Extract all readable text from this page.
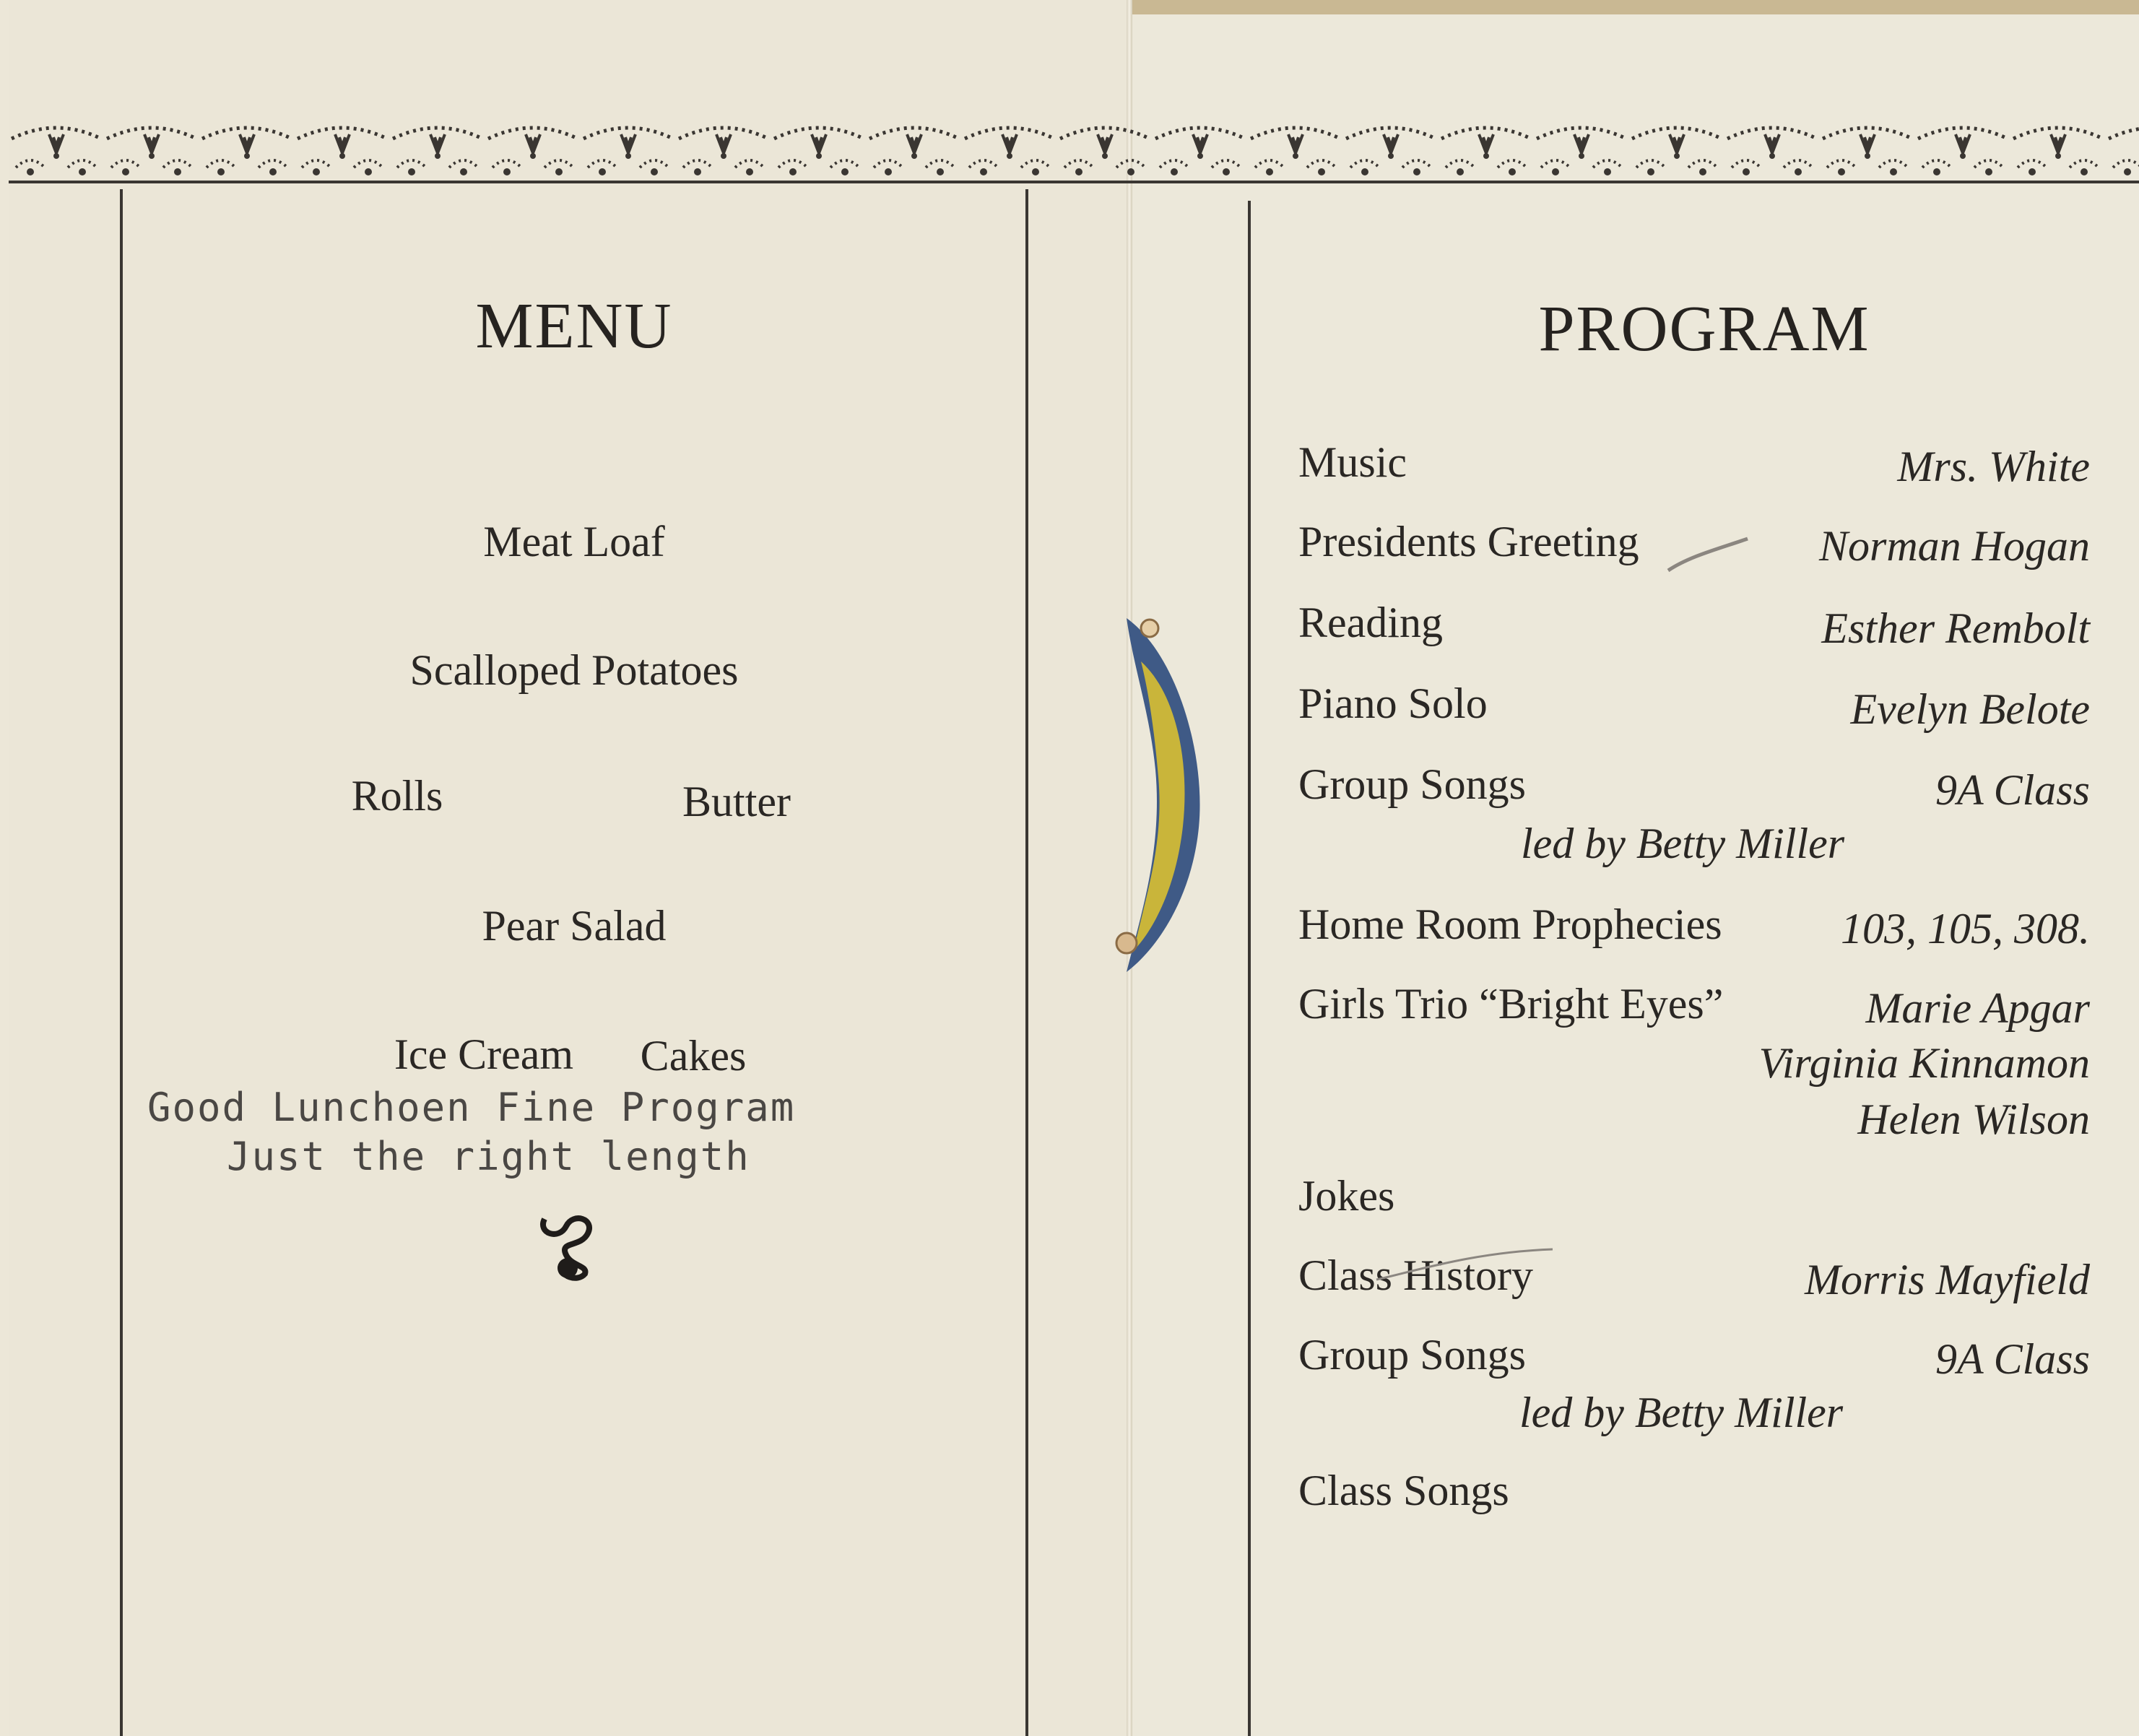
MENU
Meat Loaf
Scalloped Potatoes
Rolls	Butter
Pear Salad
Ice Cream	Cakes
Good Lunchoen Fine Program
Just the right length
PROGRAM
Music	Mrs. White
Presidents Greeting	Norman Hogan
Reading	Esther Rembolt
Piano Solo	Evelyn Belote
Group Songs	9A Class
led by Betty Miller
Home Room Prophecies	103, 105, 308.
Girls Trio “Bright Eyes”	Marie Apgar
Virginia Kinnamon
Helen Wilson
Jokes
Class History	Morris Mayfield
Group Songs	9A Class
led by Betty Miller
Class Songs
